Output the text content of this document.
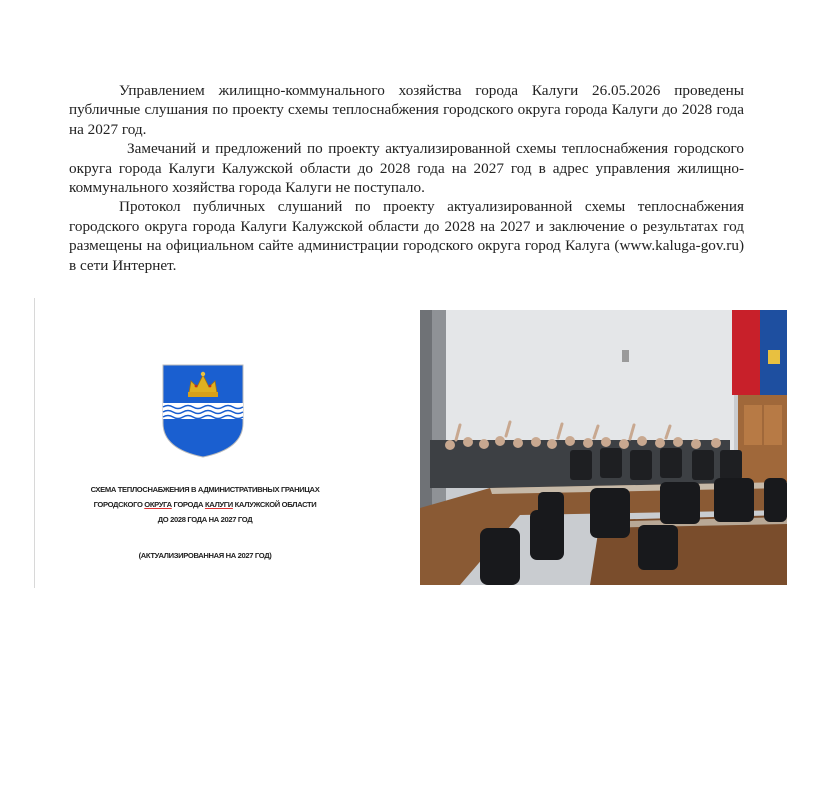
Управлением жилищно-коммунального хозяйства города Калуги 26.05.2026 проведены публичные слушания по проекту схемы теплоснабжения городского округа города Калуги до 2028 года на 2027 год.

Замечаний и предложений по проекту актуализированной схемы теплоснабжения городского округа города Калуги Калужской области до 2028 года на 2027 год в адрес управления жилищно-коммунального хозяйства города Калуги не поступало.

Протокол публичных слушаний по проекту актуализированной схемы теплоснабжения городского округа города Калуги Калужской области до 2028 на 2027 и заключение о результатах год размещены на официальном сайте администрации городского округа город Калуга (www.kaluga-gov.ru) в сети Интернет.

СХЕМА ТЕПЛОСНАБЖЕНИЯ В АДМИНИСТРАТИВНЫХ ГРАНИЦАХ
ГОРОДСКОГО ОКРУГА ГОРОДА КАЛУГИ КАЛУЖСКОЙ ОБЛАСТИ
ДО 2028 ГОДА НА 2027 ГОД
(АКТУАЛИЗИРОВАННАЯ НА 2027 ГОД)
